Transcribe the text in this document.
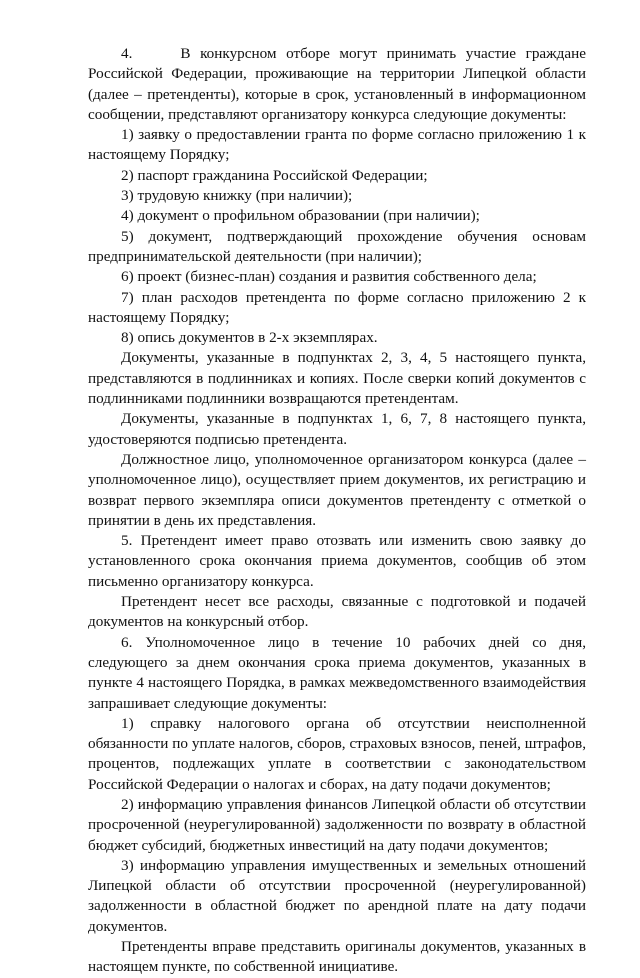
4.     В конкурсном отборе могут принимать участие граждане Российской Федерации, проживающие на территории Липецкой области (далее – претенденты), которые в срок, установленный в информационном сообщении, представляют организатору конкурса следующие документы:

1) заявку о предоставлении гранта по форме согласно приложению 1 к настоящему Порядку;

2) паспорт гражданина Российской Федерации;

3) трудовую книжку (при наличии);

4) документ о профильном образовании (при наличии);

5) документ, подтверждающий прохождение обучения основам предпринимательской деятельности (при наличии);

6) проект (бизнес-план) создания и развития собственного дела;

7) план расходов претендента по форме согласно приложению 2 к настоящему Порядку;

8) опись документов в 2-х экземплярах.

Документы, указанные в подпунктах 2, 3, 4, 5 настоящего пункта, представляются в подлинниках и копиях. После сверки копий документов с подлинниками подлинники возвращаются претендентам.

Документы, указанные в подпунктах 1, 6, 7, 8 настоящего пункта, удостоверяются подписью претендента.

Должностное лицо, уполномоченное организатором конкурса (далее – уполномоченное лицо), осуществляет прием документов, их регистрацию и возврат первого экземпляра описи документов претенденту с отметкой о принятии в день их представления.

5. Претендент имеет право отозвать или изменить свою заявку до установленного срока окончания приема документов, сообщив об этом письменно организатору конкурса.

Претендент несет все расходы, связанные с подготовкой и подачей документов на конкурсный отбор.

6. Уполномоченное лицо в течение 10 рабочих дней со дня, следующего за днем окончания срока приема документов, указанных в пункте 4 настоящего Порядка, в рамках межведомственного взаимодействия запрашивает следующие документы:

1) справку налогового органа об отсутствии неисполненной обязанности по уплате налогов, сборов, страховых взносов, пеней, штрафов, процентов, подлежащих уплате в соответствии с законодательством Российской Федерации о налогах и сборах, на дату подачи документов;

2) информацию управления финансов Липецкой области об отсутствии просроченной (неурегулированной) задолженности по возврату в областной бюджет субсидий, бюджетных инвестиций на дату подачи документов;

3) информацию управления имущественных и земельных отношений Липецкой области об отсутствии просроченной (неурегулированной) задолженности в областной бюджет по арендной плате на дату подачи документов.

Претенденты вправе представить оригиналы документов, указанных в настоящем пункте, по собственной инициативе.
